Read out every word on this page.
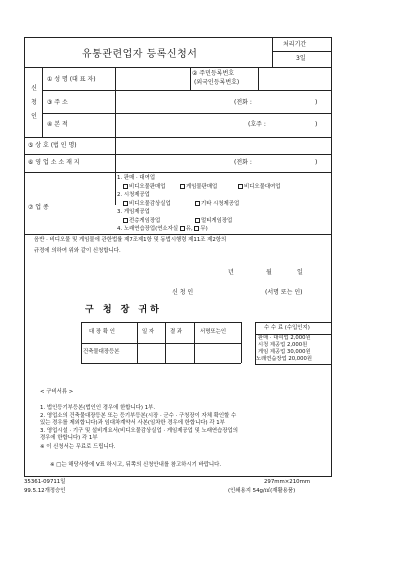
유통관련업자 등록신청서
처리기간
3일
신 청 인
① 성 명 (대 표 자)
② 주민등록번호
(외국인등록번호)
③ 주 소	(전화 :	)
④ 본 적	(호주 :	)
⑤ 상 호 (법 인 명)
⑥ 영 업 소 소 재 지	(전화 :	)
⑦ 업 종
1. 판매 · 대여업
비디오물판매업	게임물판매업	비디오물대여업
2. 시청제공업
비디오물감상실업	기타 시청제공업
3. 게임제공업
전층게임장업	멀티게임장업
4. 노래연습장업(연소자실 유, 무)
음반 · 비디오물 및 게임물에 관한법률 제7조제1항 및 동법시행령 제11조 제2항의
규정에 의하여 위와 같이 신청합니다.
년	월	일
신 청 인	(서명 또는 인)
구 청 장 귀하
대 장 확 인	일 자	결 과	서명또는인
건축물대장등본
수 수 료 (수입인지)
판매 · 대여업 2,000원
시청 제공업 2,000원
게임 제공업 30,000원
노래연습장업 20,000원
< 구비서류 >
1. 법인등기부등본(법인인 경우에 한합니다) 1부.
2. 영업소의 건축물대장등본 또는 등기부등본(시장 · 군수 · 구청장이 자체 확인할 수
있는 경우를 제외합니다)과 임대차계약서 사본(임차한 경우에 한합니다) 각 1부
3. 영업시설 · 기구 및 설비개요서(비디오물감상실업 · 게임제공업 및 노래연습장업의
경우에 한합니다) 각 1부
※ 이 신청서는 무료로 드립니다.
※ □는 해당사항에 V표 하시고, 뒤쪽의 신청안내를 참고하시기 바랍니다.
35361-09711일	297mm×210mm
99.5.12개정승인	(인쇄용지 54g/㎡(재활용품)
